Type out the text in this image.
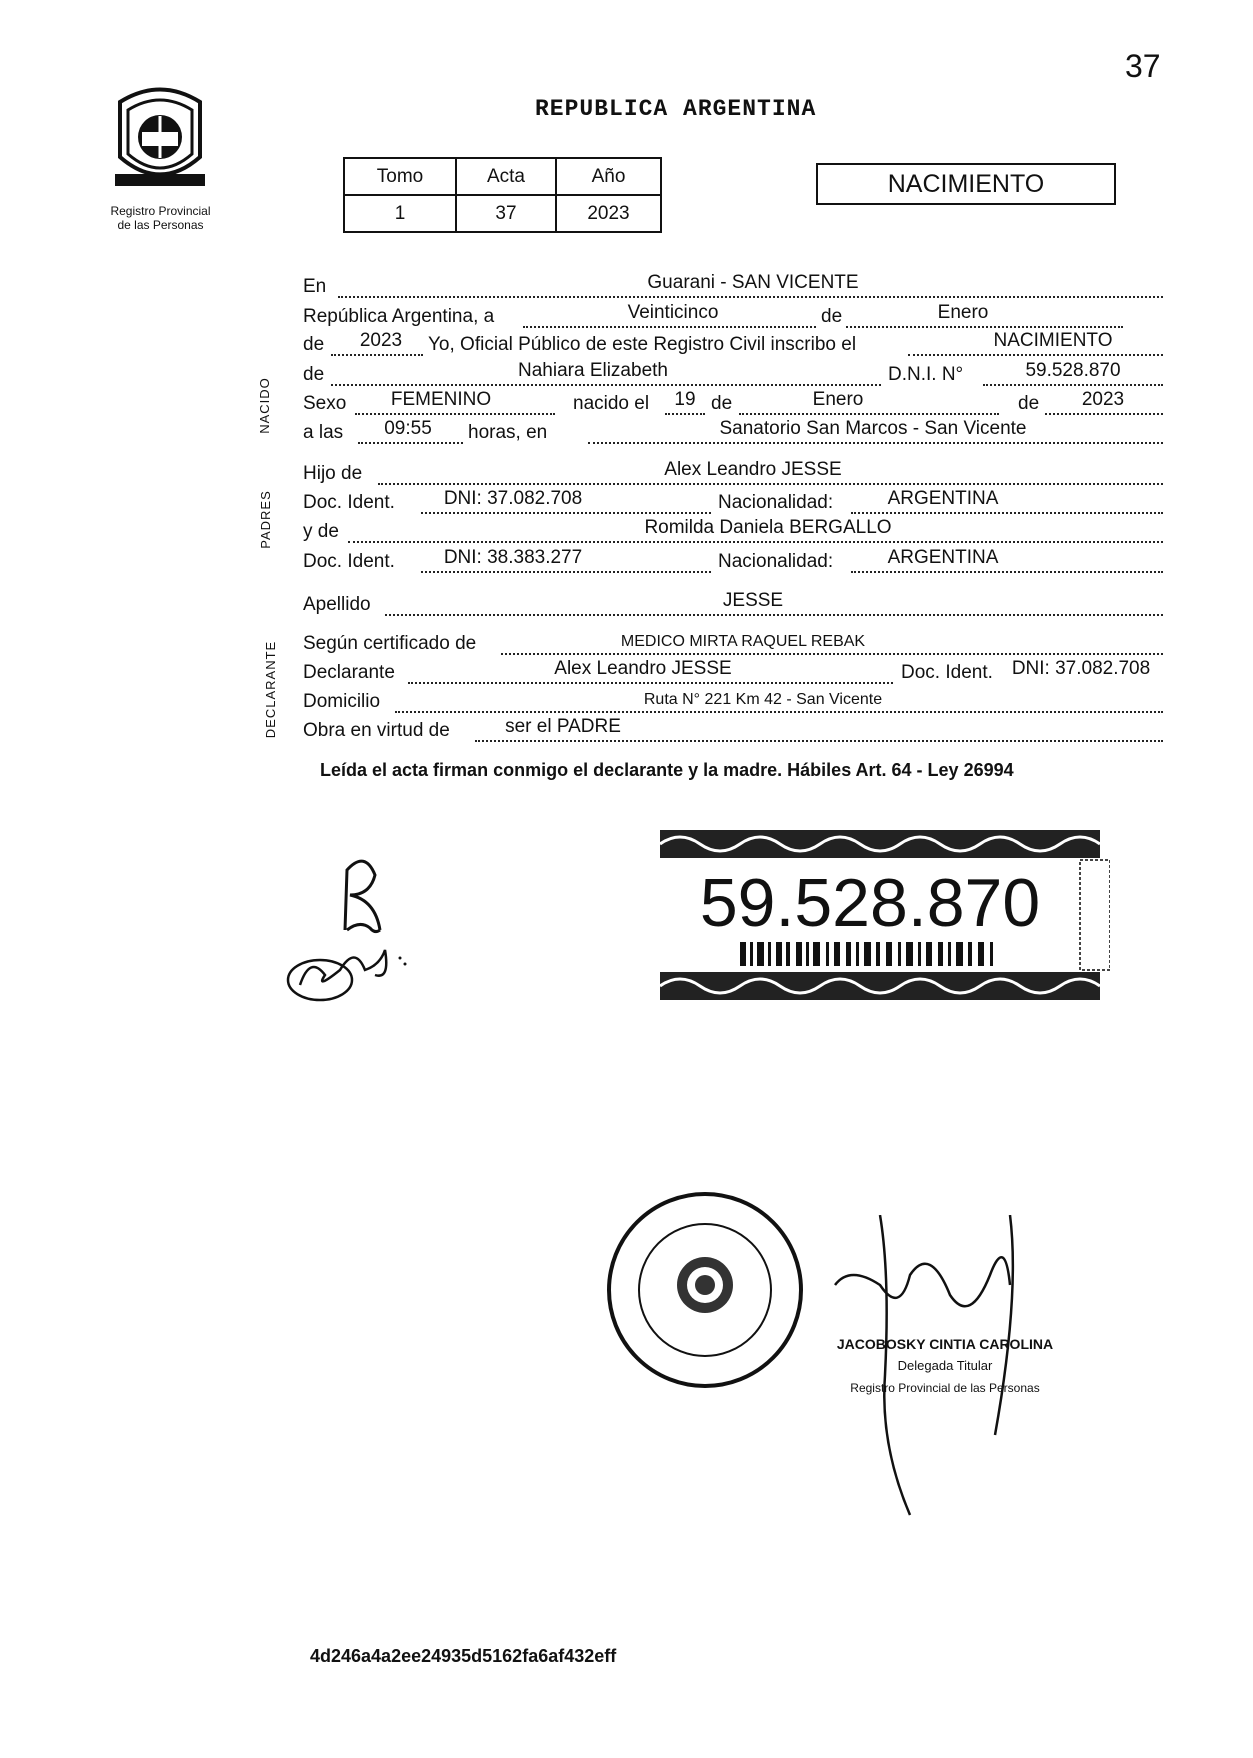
37
Registro Provincial
de las Personas
REPUBLICA ARGENTINA
Tomo	Acta	Año
1	37	2023
NACIMIENTO
NACIDO
PADRES
DECLARANTE
En	Guarani - SAN VICENTE
República Argentina, a	Veinticinco	de	Enero
de	2023	Yo, Oficial Público de este Registro Civil inscribo el	NACIMIENTO
de	Nahiara Elizabeth	D.N.I. N°	59.528.870
Sexo	FEMENINO	nacido el	19 de	Enero	de	2023
a las	09:55	horas, en	Sanatorio San Marcos - San Vicente
Hijo de	Alex Leandro JESSE
Doc. Ident.	DNI: 37.082.708	Nacionalidad:	ARGENTINA
y de	Romilda Daniela BERGALLO
Doc. Ident.	DNI: 38.383.277	Nacionalidad:	ARGENTINA
Apellido	JESSE
Según certificado de	MEDICO MIRTA RAQUEL REBAK
Declarante	Alex Leandro JESSE	Doc. Ident. DNI: 37.082.708
Domicilio	Ruta N° 221 Km 42 - San Vicente
Obra en virtud de	ser el PADRE
Leída el acta firman conmigo el declarante y la madre. Hábiles Art. 64 - Ley 26994
59.528.870
JACOBOSKY CINTIA CAROLINA
Delegada Titular
Registro Provincial de las Personas
4d246a4a2ee24935d5162fa6af432eff
